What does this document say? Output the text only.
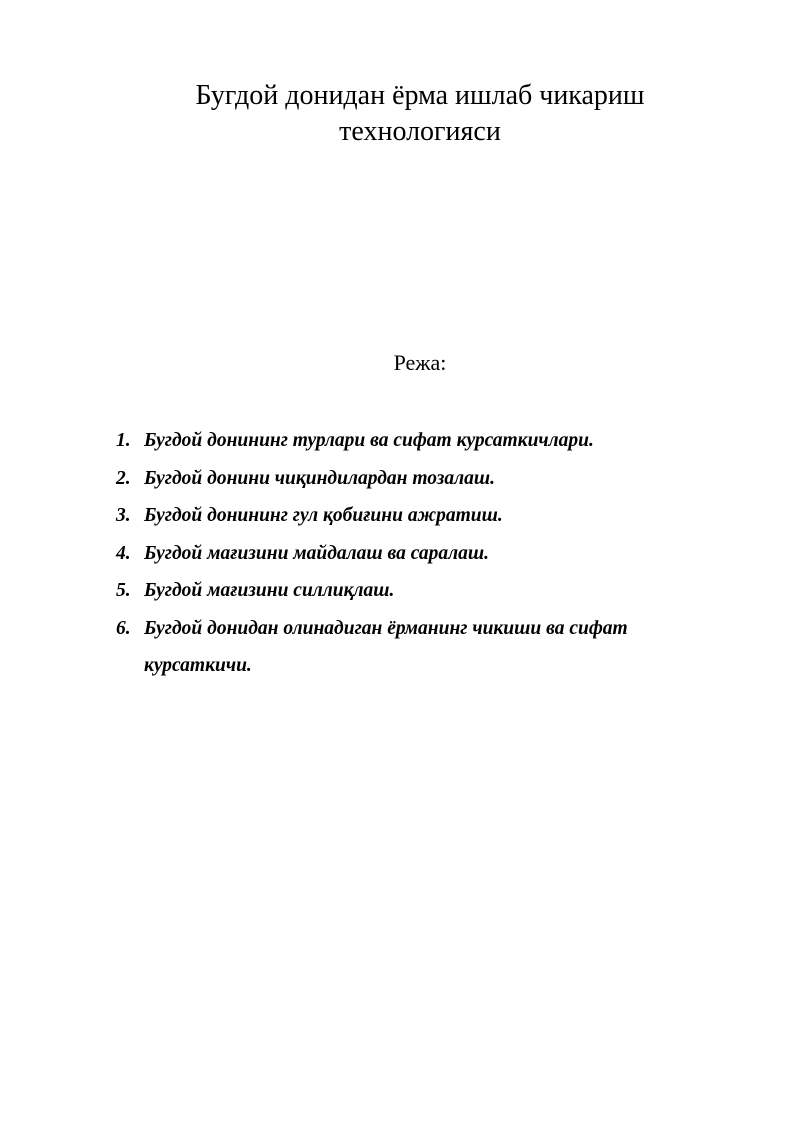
Бугдой донидан ёрма ишлаб чикариш
технологияси
Режа:
1. Бугдой донининг турлари ва сифат курсаткичлари.
2. Бугдой донини чиқиндилардан тозалаш.
3. Бугдой донининг гул қобиғини ажратиш.
4. Бугдой мағизини майдалаш ва саралаш.
5. Бугдой мағизини силлиқлаш.
6. Бугдой донидан олинадиган ёрманинг чикиши ва сифат курсаткичи.
